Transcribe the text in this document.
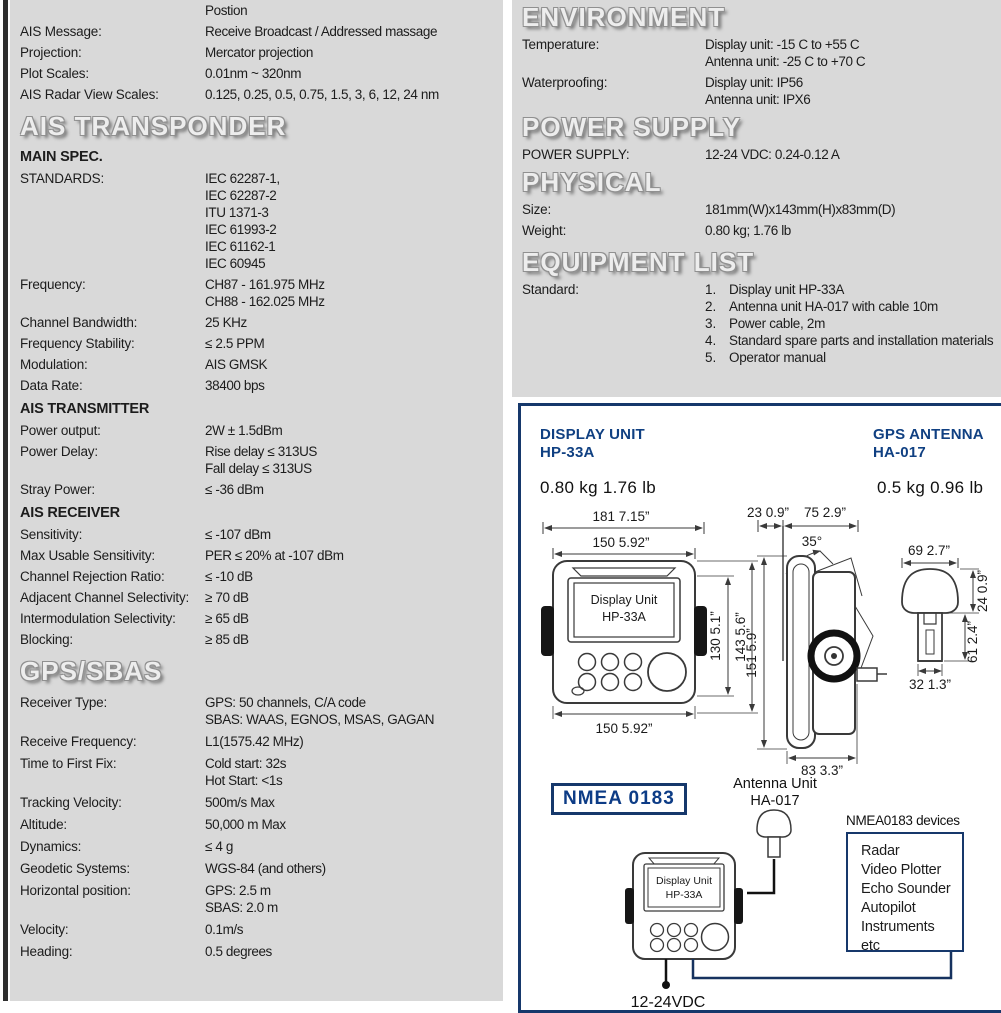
Postion
AIS Message:	Receive Broadcast / Addressed massage
Projection:	Mercator projection
Plot Scales:	0.01nm ~ 320nm
AIS Radar View Scales:	0.125, 0.25, 0.5, 0.75, 1.5, 3, 6, 12, 24 nm
AIS TRANSPONDER
MAIN SPEC.
STANDARDS:	IEC 62287-1,
IEC 62287-2
ITU 1371-3
IEC 61993-2
IEC 61162-1
IEC 60945
Frequency:	CH87 - 161.975 MHz
CH88 - 162.025 MHz
Channel Bandwidth:	25 KHz
Frequency Stability:	≤ 2.5 PPM
Modulation:	AIS GMSK
Data Rate:	38400 bps
AIS TRANSMITTER
Power output:	2W ± 1.5dBm
Power Delay:	Rise delay ≤ 313US
Fall delay ≤ 313US
Stray Power:	≤ -36 dBm
AIS RECEIVER
Sensitivity:	≤ -107 dBm
Max Usable Sensitivity:	PER ≤ 20% at -107 dBm
Channel Rejection Ratio:	≤ -10 dB
Adjacent Channel Selectivity:	≥ 70 dB
Intermodulation Selectivity:	≥ 65 dB
Blocking:	≥ 85 dB
GPS/SBAS
Receiver Type:	GPS: 50 channels, C/A code
SBAS: WAAS, EGNOS, MSAS, GAGAN
Receive Frequency:	L1(1575.42 MHz)
Time to First Fix:	Cold start: 32s
Hot Start: <1s
Tracking Velocity:	500m/s Max
Altitude:	50,000 m Max
Dynamics:	≤ 4 g
Geodetic Systems:	WGS-84 (and others)
Horizontal position:	GPS: 2.5 m
SBAS: 2.0 m
Velocity:	0.1m/s
Heading:	0.5 degrees
ENVIRONMENT
Temperature:	Display unit: -15 C to +55 C
Antenna unit: -25 C to +70 C
Waterproofing:	Display unit: IP56
Antenna unit: IPX6
POWER SUPPLY
POWER SUPPLY:	12-24 VDC: 0.24-0.12 A
PHYSICAL
Size:	181mm(W)x143mm(H)x83mm(D)
Weight:	0.80 kg; 1.76 lb
EQUIPMENT LIST
Standard:	1. Display unit HP-33A
2. Antenna unit HA-017 with cable 10m
3. Power cable, 2m
4. Standard spare parts and installation materials
5. Operator manual
DISPLAY UNIT
HP-33A
GPS ANTENNA
HA-017
0.80 kg 1.76 lb	0.5 kg 0.96 lb
181 7.15”
150 5.92”
Display Unit
HP-33A	130 5.1” 143 5.6”
150 5.92”
23 0.9” 75 2.9”
35°
151 5.9”
83 3.3”
69 2.7”
24 0.9”
61 2.4”
32 1.3”
Display Unit
HP-33A
NMEA 0183
Antenna Unit
HA-017
NMEA0183 devices
Radar
Video Plotter
Echo Sounder
Autopilot
Instruments
etc
12-24VDC
